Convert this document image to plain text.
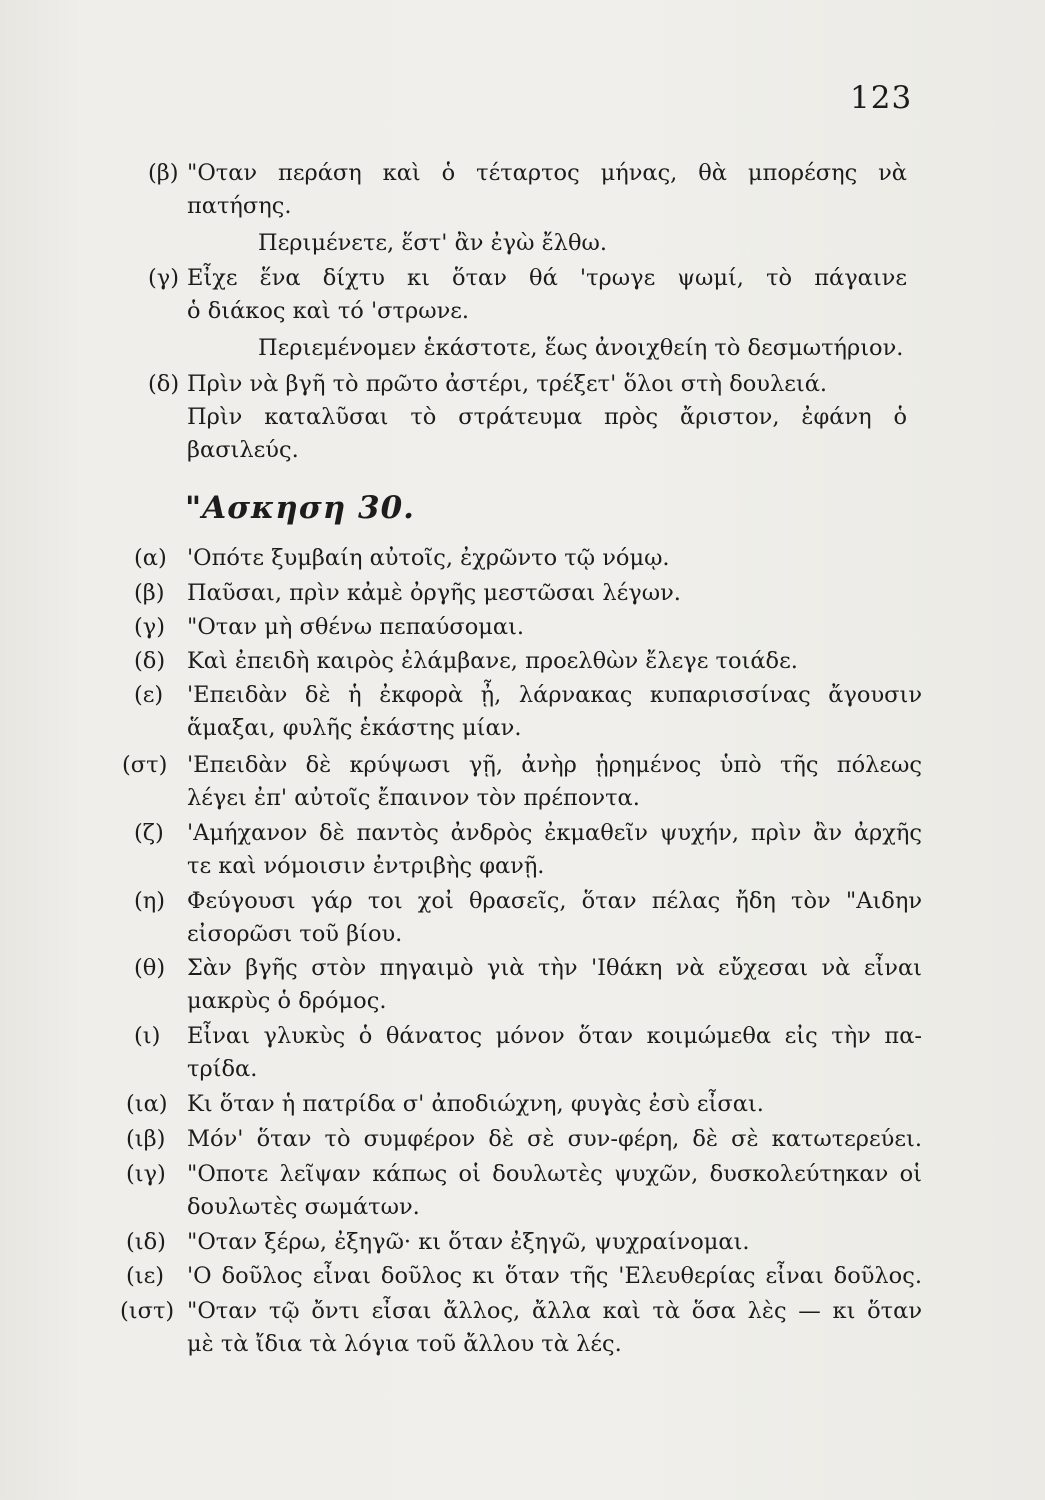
123
(β) "Οταν περάση καὶ ὁ τέταρτος μήνας, θὰ μπορέσης νὰ
πατήσης.
Περιμένετε, ἕστ' ἂν ἐγὼ ἔλθω.
(γ) Εἶχε ἕνα δίχτυ κι ὅταν θά 'τρωγε ψωμί, τὸ πάγαινε
ὁ διάκος καὶ τό 'στρωνε.
Περιεμένομεν ἑκάστοτε, ἕως ἀνοιχθείη τὸ δεσμωτήριον.
(δ) Πρὶν νὰ βγῆ τὸ πρῶτο ἀστέρι, τρέξετ' ὅλοι στὴ δουλειά.
Πρὶν καταλῦσαι τὸ στράτευμα πρὸς ἄριστον, ἐφάνη ὁ
βασιλεύς.
"Ασκηση 30.
(α) 'Οπότε ξυμβαίη αὐτοῖς, ἐχρῶντο τῷ νόμῳ.
(β) Παῦσαι, πρὶν κἀμὲ ὀργῆς μεστῶσαι λέγων.
(γ) "Οταν μὴ σθένω πεπαύσομαι.
(δ) Καὶ ἐπειδὴ καιρὸς ἐλάμβανε, προελθὼν ἔλεγε τοιάδε.
(ε) 'Επειδὰν δὲ ἡ ἐκφορὰ ᾖ, λάρνακας κυπαρισσίνας ἄγουσιν
ἅμαξαι, φυλῆς ἑκάστης μίαν.
(στ) 'Επειδὰν δὲ κρύψωσι γῇ, ἀνὴρ ᾑρημένος ὑπὸ τῆς πόλεως
λέγει ἐπ' αὐτοῖς ἔπαινον τὸν πρέποντα.
(ζ) 'Αμήχανον δὲ παντὸς ἀνδρὸς ἐκμαθεῖν ψυχήν, πρὶν ἂν ἀρχῆς
τε καὶ νόμοισιν ἐντριβὴς φανῇ.
(η) Φεύγουσι γάρ τοι χοἰ θρασεῖς, ὅταν πέλας ἤδη τὸν "Αιδην
εἰσορῶσι τοῦ βίου.
(θ) Σὰν βγῆς στὸν πηγαιμὸ γιὰ τὴν 'Ιθάκη νὰ εὔχεσαι νὰ εἶναι
μακρὺς ὁ δρόμος.
(ι) Εἶναι γλυκὺς ὁ θάνατος μόνον ὅταν κοιμώμεθα εἰς τὴν πα-
τρίδα.
(ια) Κι ὅταν ἡ πατρίδα σ' ἀποδιώχνη, φυγὰς ἐσὺ εἶσαι.
(ιβ) Μόν' ὅταν τὸ συμφέρον δὲ σὲ συν-φέρη, δὲ σὲ κατωτερεύει.
(ιγ) "Οποτε λεῖψαν κάπως οἱ δουλωτὲς ψυχῶν, δυσκολεύτηκαν οἱ
δουλωτὲς σωμάτων.
(ιδ) "Οταν ξέρω, ἐξηγῶ· κι ὅταν ἐξηγῶ, ψυχραίνομαι.
(ιε) 'Ο δοῦλος εἶναι δοῦλος κι ὅταν τῆς 'Ελευθερίας εἶναι δοῦλος.
(ιστ) "Οταν τῷ ὄντι εἶσαι ἄλλος, ἄλλα καὶ τὰ ὅσα λὲς — κι ὅταν
μὲ τὰ ἴδια τὰ λόγια τοῦ ἄλλου τὰ λές.
